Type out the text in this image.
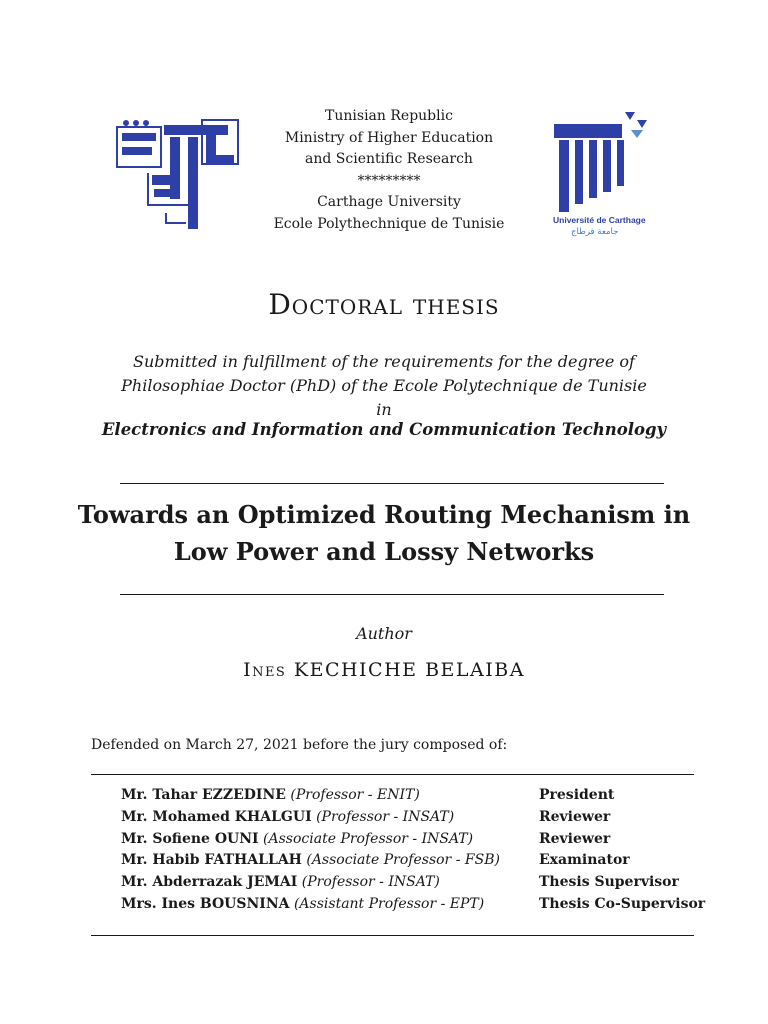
Tunisian Republic
Ministry of Higher Education
and Scientific Research
*********
Carthage University
Ecole Polythechnique de Tunisie	Université de Carthage
جامعة قرطاج
Doctoral thesis
Submitted in fulfillment of the requirements for the degree of
Philosophiae Doctor (PhD) of the Ecole Polytechnique de Tunisie
in
Electronics and Information and Communication Technology
Towards an Optimized Routing Mechanism in
Low Power and Lossy Networks
Author
Ines KECHICHE BELAIBA
Defended on March 27, 2021 before the jury composed of:
Mr. Tahar EZZEDINE (Professor - ENIT)	President
Mr. Mohamed KHALGUI (Professor - INSAT)	Reviewer
Mr. Sofiene OUNI (Associate Professor - INSAT)	Reviewer
Mr. Habib FATHALLAH (Associate Professor - FSB)	Examinator
Mr. Abderrazak JEMAI (Professor - INSAT)	Thesis Supervisor
Mrs. Ines BOUSNINA (Assistant Professor - EPT)	Thesis Co-Supervisor
